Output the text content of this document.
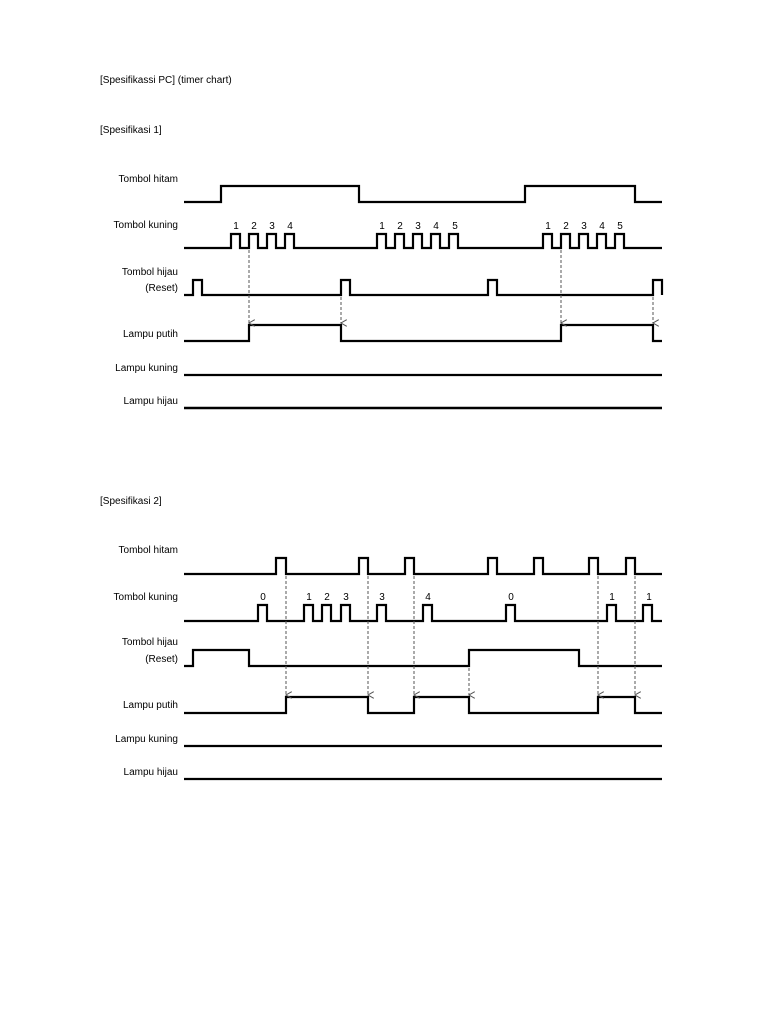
[Spesifikassi PC] (timer chart)
[Spesifikasi 1]
[Spesifikasi 2]
Tombol hitam
Tombol kuning
Tombol hijau
(Reset)
Lampu putih
Lampu kuning
Lampu hijau
Tombol hitam
Tombol kuning
Tombol hijau
(Reset)
Lampu putih
Lampu kuning
Lampu hijau
1 2 3 4	1 2 3 4 5	1 2 3 4 5
0	1 2 3	3	4	0	1	1
